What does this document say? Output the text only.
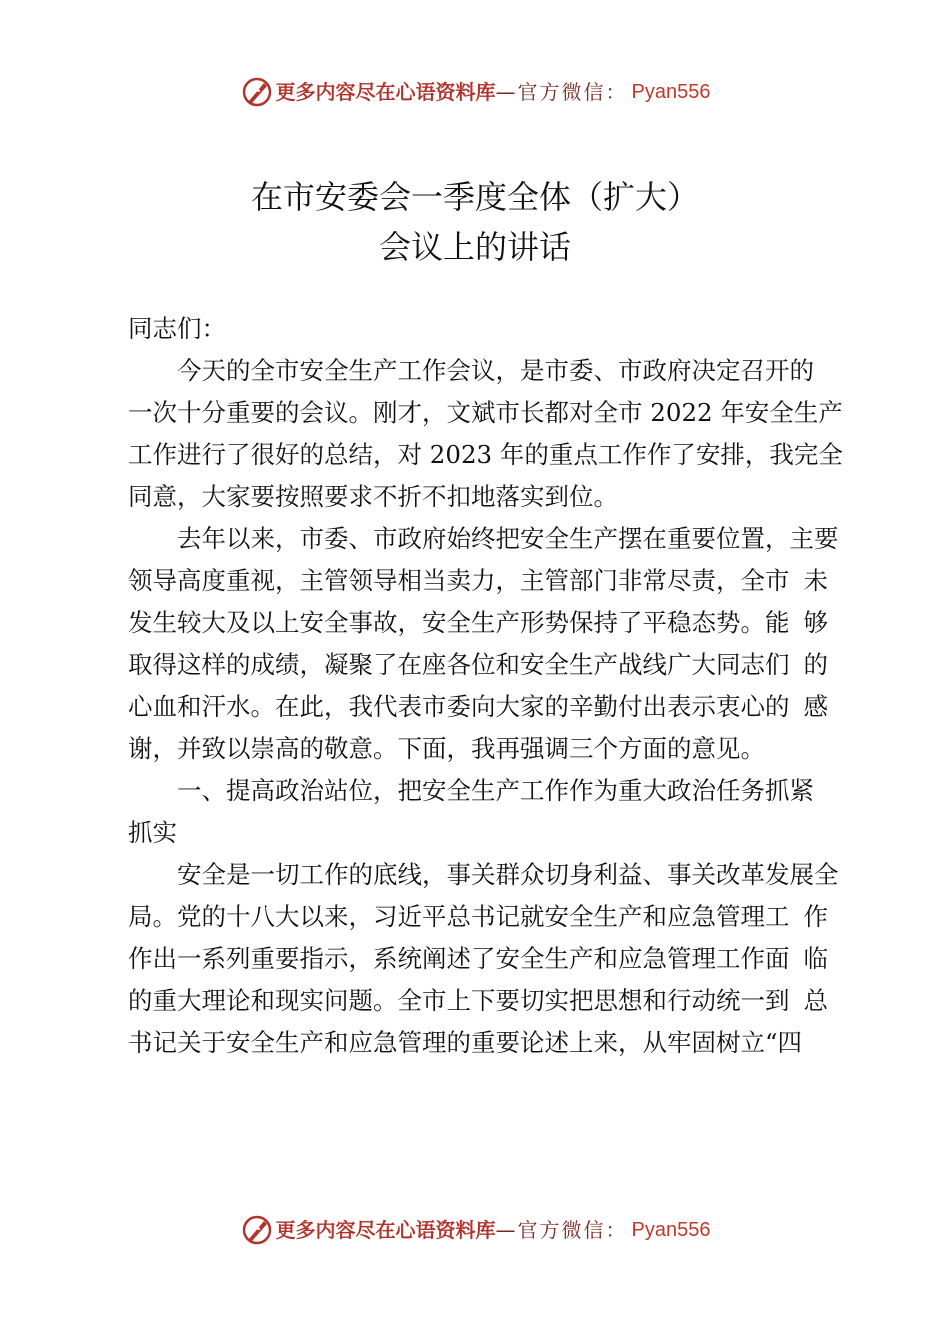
更多内容尽在心语资料库 —官方微信： Pyan556
在市安委会一季度全体（扩大）
会议上的讲话
同志们：
今天的全市安全生产工作会议，是市委、市政府决定召开的
一次十分重要的会议。刚才，文斌市长都对全市 2022 年安全生产
工作进行了很好的总结，对 2023 年的重点工作作了安排，我完全
同意，大家要按照要求不折不扣地落实到位。
去年以来，市委、市政府始终把安全生产摆在重要位置，主 要
领导高度重视，主管领导相当卖力，主管部门非常尽责，全市 未
发生较大及以上安全事故，安全生产形势保持了平稳态势。能 够
取得这样的成绩，凝聚了在座各位和安全生产战线广大同志们 的
心血和汗水。在此，我代表市委向大家的辛勤付出表示衷心的 感
谢，并致以崇高的敬意。下面，我再强调三个方面的意见。
一、提高政治站位，把安全生产工作作为重大政治任务抓紧
抓实
安全是一切工作的底线，事关群众切身利益、事关改革发展 全
局。党的十八大以来，习近平总书记就安全生产和应急管理工 作
作出一系列重要指示，系统阐述了安全生产和应急管理工作面 临
的重大理论和现实问题。全市上下要切实把思想和行动统一到 总
书记关于安全生产和应急管理的重要论述上来，从牢固树立“四
更多内容尽在心语资料库 —官方微信： Pyan556
